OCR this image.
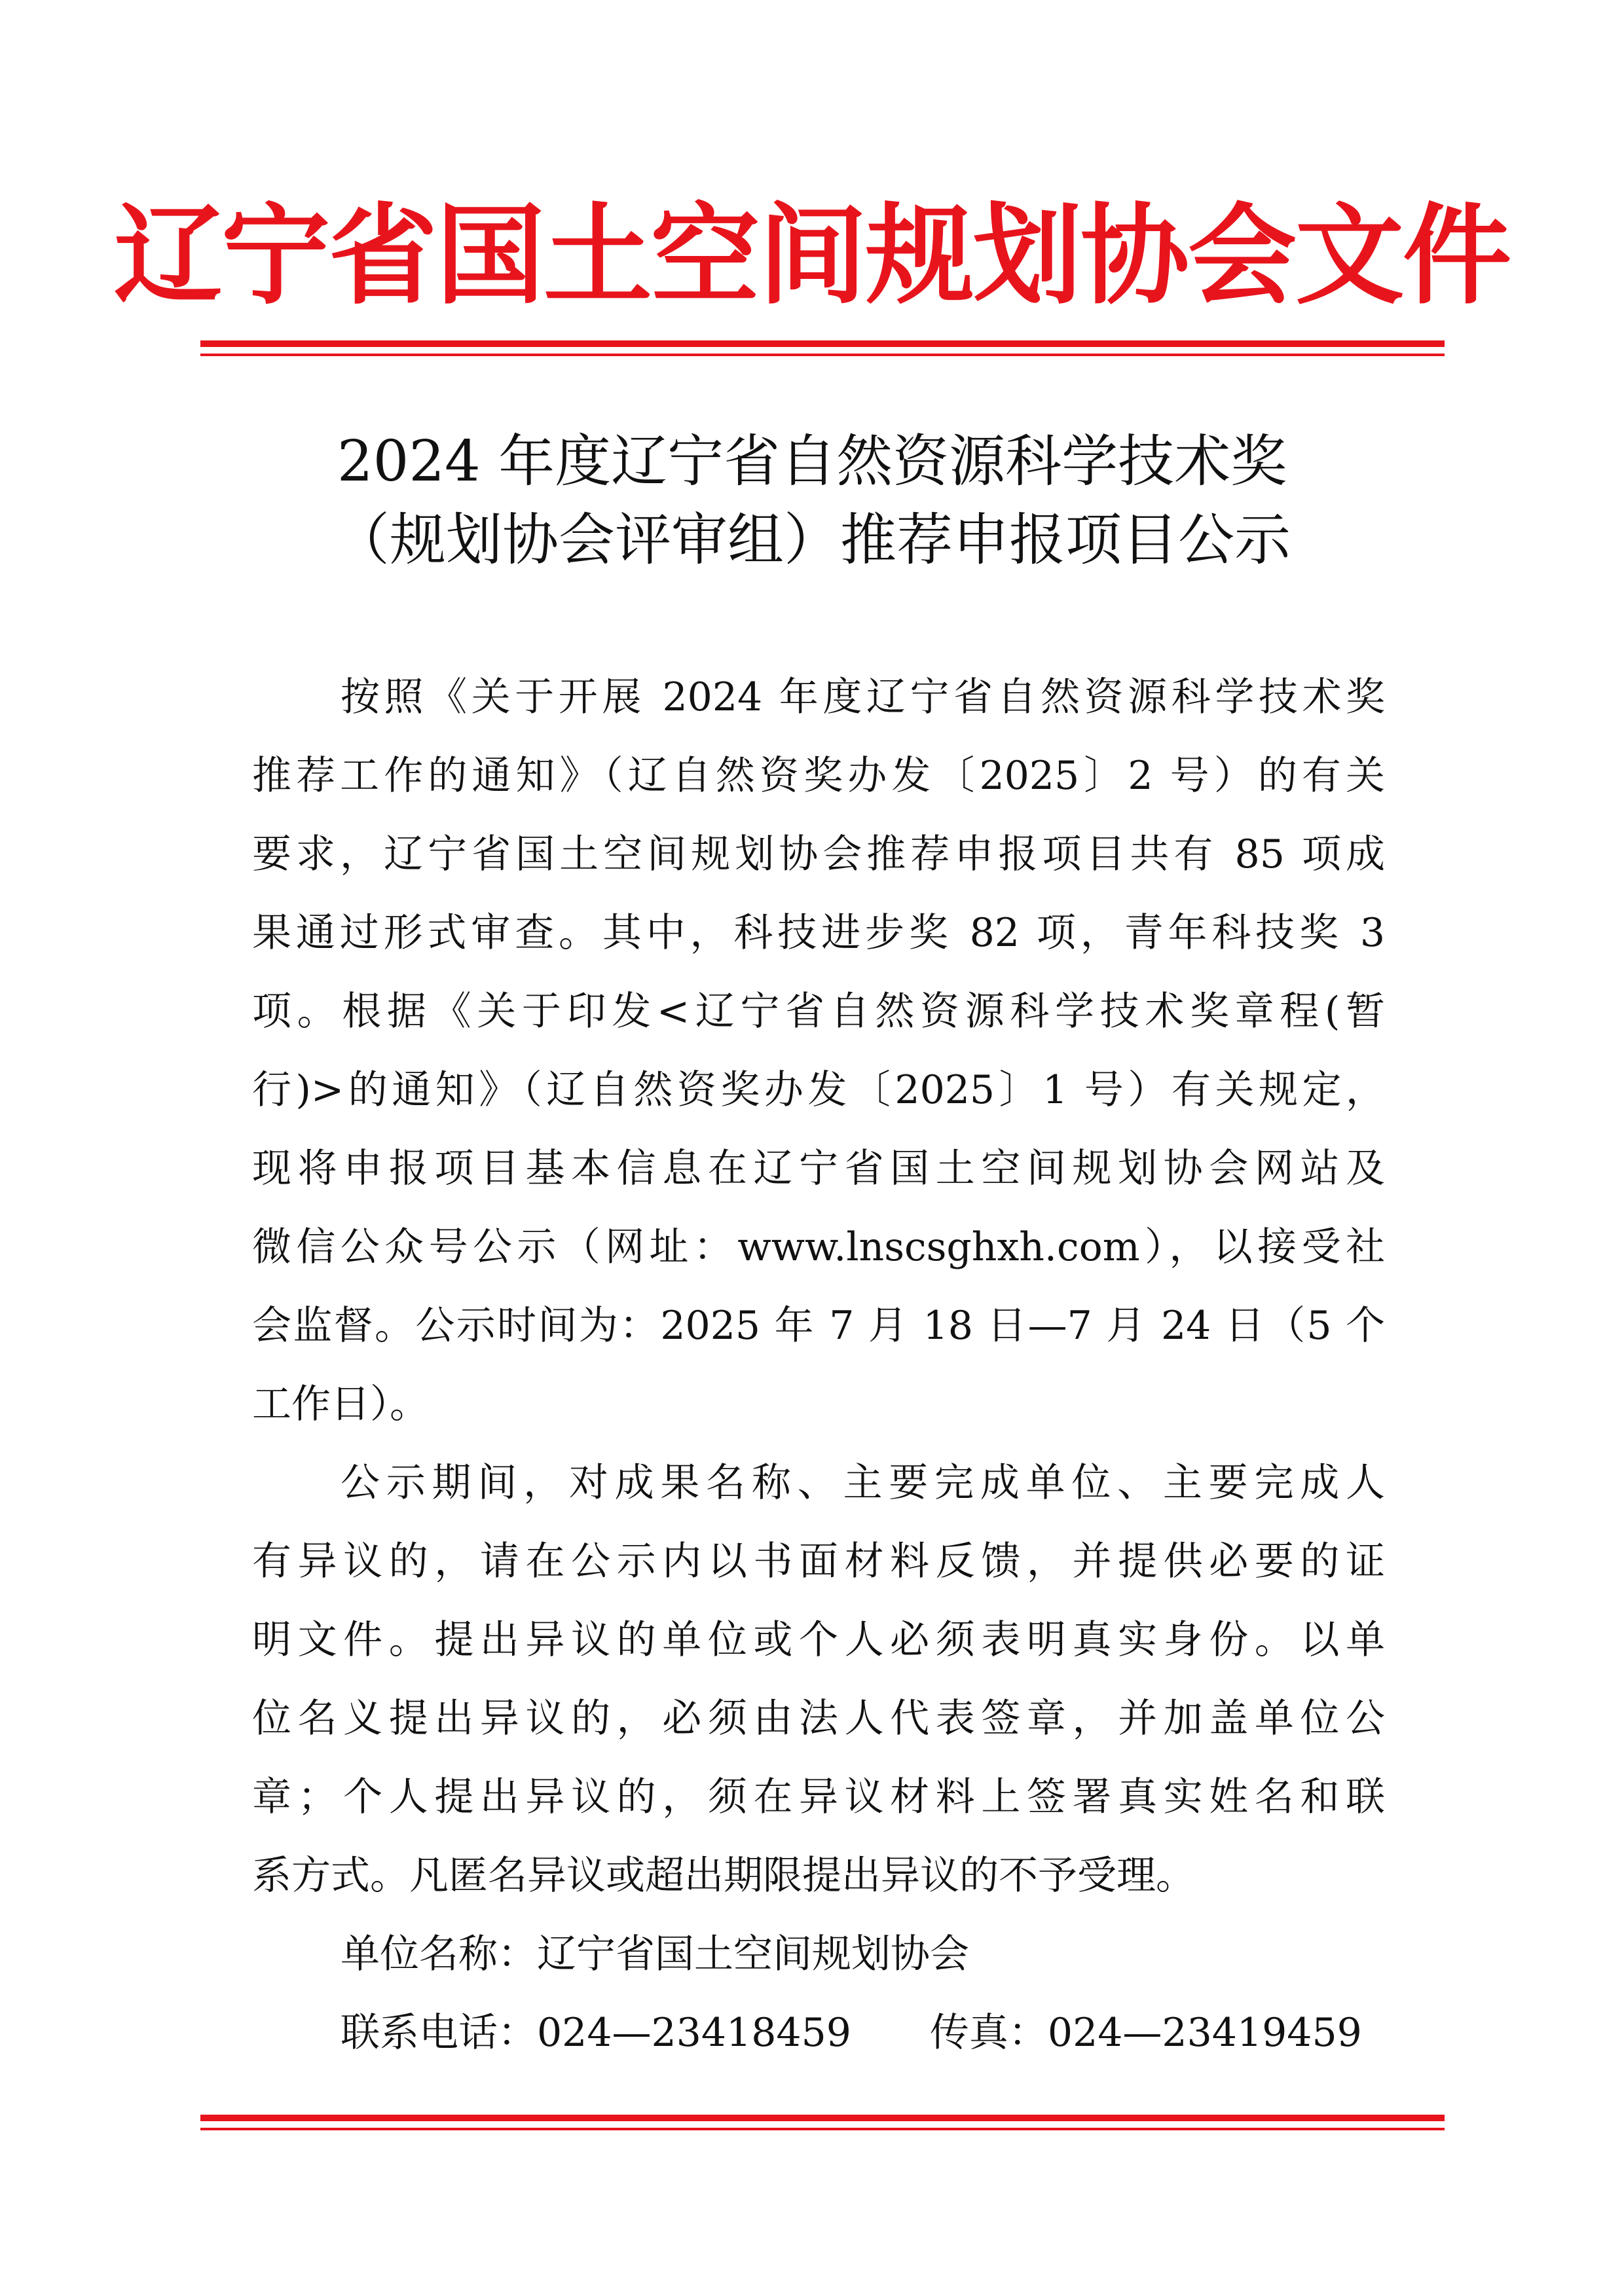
辽宁省国土空间规划协会文件
2024 年度辽宁省自然资源科学技术奖
（规划协会评审组）推荐申报项目公示
按照《关于开展 2024 年度辽宁省自然资源科学技术奖
推荐工作的通知》（辽自然资奖办发〔2025〕2 号）的有关
要求，辽宁省国土空间规划协会推荐申报项目共有 85 项成
果通过形式审查。其中，科技进步奖 82 项，青年科技奖 3
项。根据《关于印发<辽宁省自然资源科学技术奖章程(暂
行)>的通知》（辽自然资奖办发〔2025〕1 号）有关规定，
现将申报项目基本信息在辽宁省国土空间规划协会网站及
微信公众号公示（网址：www.lnscsghxh.com），以接受社
会监督。公示时间为：2025 年 7 月 18 日—7 月 24 日（5 个
工作日）。
公示期间，对成果名称、主要完成单位、主要完成人
有异议的，请在公示内以书面材料反馈，并提供必要的证
明文件。提出异议的单位或个人必须表明真实身份。以单
位名义提出异议的，必须由法人代表签章，并加盖单位公
章；个人提出异议的，须在异议材料上签署真实姓名和联
系方式。凡匿名异议或超出期限提出异议的不予受理。
单位名称：辽宁省国土空间规划协会
联系电话：024—23418459　　传真：024—23419459
